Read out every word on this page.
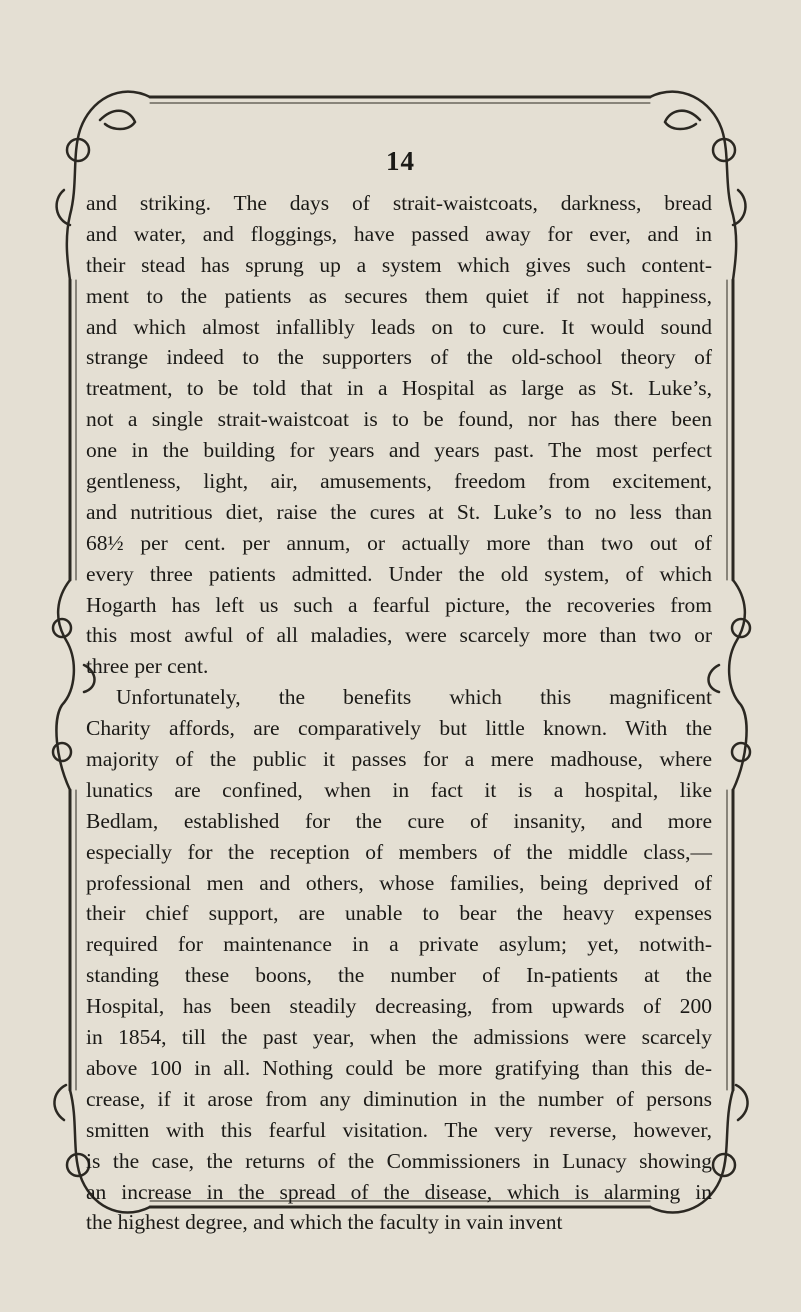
14
and striking. The days of strait-waistcoats, darkness, bread
and water, and floggings, have passed away for ever, and in
their stead has sprung up a system which gives such content-
ment to the patients as secures them quiet if not happiness,
and which almost infallibly leads on to cure. It would sound
strange indeed to the supporters of the old-school theory of
treatment, to be told that in a Hospital as large as St. Luke’s,
not a single strait-waistcoat is to be found, nor has there been
one in the building for years and years past. The most perfect
gentleness, light, air, amusements, freedom from excitement,
and nutritious diet, raise the cures at St. Luke’s to no less than
68½ per cent. per annum, or actually more than two out of
every three patients admitted. Under the old system, of which
Hogarth has left us such a fearful picture, the recoveries from
this most awful of all maladies, were scarcely more than two or
three per cent.
Unfortunately, the benefits which this magnificent
Charity affords, are comparatively but little known. With the
majority of the public it passes for a mere madhouse, where
lunatics are confined, when in fact it is a hospital, like
Bedlam, established for the cure of insanity, and more
especially for the reception of members of the middle class,—
professional men and others, whose families, being deprived of
their chief support, are unable to bear the heavy expenses
required for maintenance in a private asylum; yet, notwith-
standing these boons, the number of In-patients at the
Hospital, has been steadily decreasing, from upwards of 200
in 1854, till the past year, when the admissions were scarcely
above 100 in all. Nothing could be more gratifying than this de-
crease, if it arose from any diminution in the number of persons
smitten with this fearful visitation. The very reverse, however,
is the case, the returns of the Commissioners in Lunacy showing
an increase in the spread of the disease, which is alarming in
the highest degree, and which the faculty in vain invent
